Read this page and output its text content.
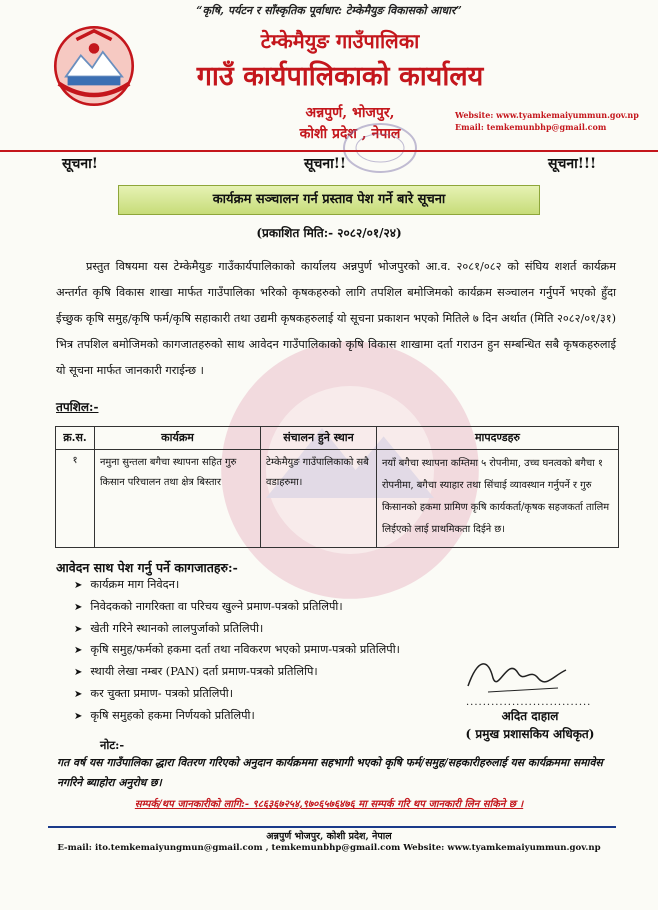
“कृषि, पर्यटन र साँस्कृतिक पूर्वाधार: टेम्केमैयुङ विकासको आधार”
टेम्केमैयुङ गाउँपालिका
गाउँ कार्यपालिकाको कार्यालय
अन्नपुर्ण, भोजपुर,
कोशी प्रदेश , नेपाल
Website: www.tyamkemaiyummun.gov.np
Email: temkemunbhp@gmail.com
सूचना!	सूचना!!	सूचना!!!
कार्यक्रम सञ्चालन गर्न प्रस्ताव पेश गर्ने बारे सूचना
(प्रकाशित मिति:- २०८२/०१/२४)

प्रस्तुत विषयमा यस टेम्केमैयुङ गाउँकार्यपालिकाको कार्यालय अन्नपुर्ण भोजपुरको आ.व. २०८१/०८२ को संघिय शशर्त कार्यक्रम अन्तर्गत कृषि विकास शाखा मार्फत गाउँपालिका भरिको कृषकहरुको लागि तपशिल बमोजिमको कार्यक्रम सञ्चालन गर्नुपर्ने भएको हुँदा ईच्छुक कृषि समुह/कृषि फर्म/कृषि सहाकारी तथा उद्यमी कृषकहरुलाई यो सूचना प्रकाशन भएको मितिले ७ दिन अर्थात (मिति २०८२/०१/३१) भित्र तपशिल बमोजिमको कागजातहरुको साथ आवेदन गाउँपालिकाको कृषि विकास शाखामा दर्ता गराउन हुन सम्बन्धित सबै कृषकहरुलाई यो सूचना मार्फत जानकारी गराईन्छ ।

तपशिल:-
क्र.स.	कार्यक्रम	संचालन हुने स्थान	मापदण्डहरु
१	नमुना सुन्तला बगैचा स्थापना सहित गुरु किसान परिचालन तथा क्षेत्र बिस्तार	टेम्केमैयुङ गाउँपालिकाको सबै वडाहरुमा।	नयाँ बगैचा स्थापना कम्तिमा ५ रोपनीमा, उच्च घनत्वको बगैचा १ रोपनीमा, बगैचा स्याहार तथा सिंचाई व्यावस्थान गर्नुपर्ने र गुरु किसानको हकमा प्रामिण कृषि कार्यकर्ता/कृषक सहजकर्ता तालिम लिईएको लाई प्राथमिकता दिईने छ।
आवेदन साथ पेश गर्नु पर्ने कागजातहरु:-
➤ कार्यक्रम माग निवेदन।
➤ निवेदकको नागरिक्ता वा परिचय खुल्ने प्रमाण-पत्रको प्रतिलिपी।
➤ खेती गरिने स्थानको लालपुर्जाको प्रतिलिपी।
➤ कृषि समुह/फर्मको हकमा दर्ता तथा नविकरण भएको प्रमाण-पत्रको प्रतिलिपी।
➤ स्थायी लेखा नम्बर (PAN) दर्ता प्रमाण-पत्रको प्रतिलिपि।
➤ कर चुक्ता प्रमाण- पत्रको प्रतिलिपी।
➤ कृषि समुहको हकमा निर्णयको प्रतिलिपी।
..............................
अदित दाहाल
( प्रमुख प्रशासकिय अधिकृत)
नोट:-
गत वर्ष यस गाउँपालिका द्धारा वितरण गरिएको अनुदान कार्यक्रममा सहभागी भएको कृषि फर्म/समुह/सहकारीहरुलाई यस कार्यक्रममा समावेस नगरिने ब्याहोरा अनुरोध छ।
सम्पर्क/थप जानकारीको लागि:- ९८६३६७२५४,९७०६५७६४७६ मा सम्पर्क गरि थप जानकारी लिन सकिने छ ।
अन्नपुर्ण भोजपुर, कोशी प्रदेश, नेपाल
E-mail: ito.temkemaiyungmun@gmail.com , temkemunbhp@gmail.com Website: www.tyamkemaiyummun.gov.np
